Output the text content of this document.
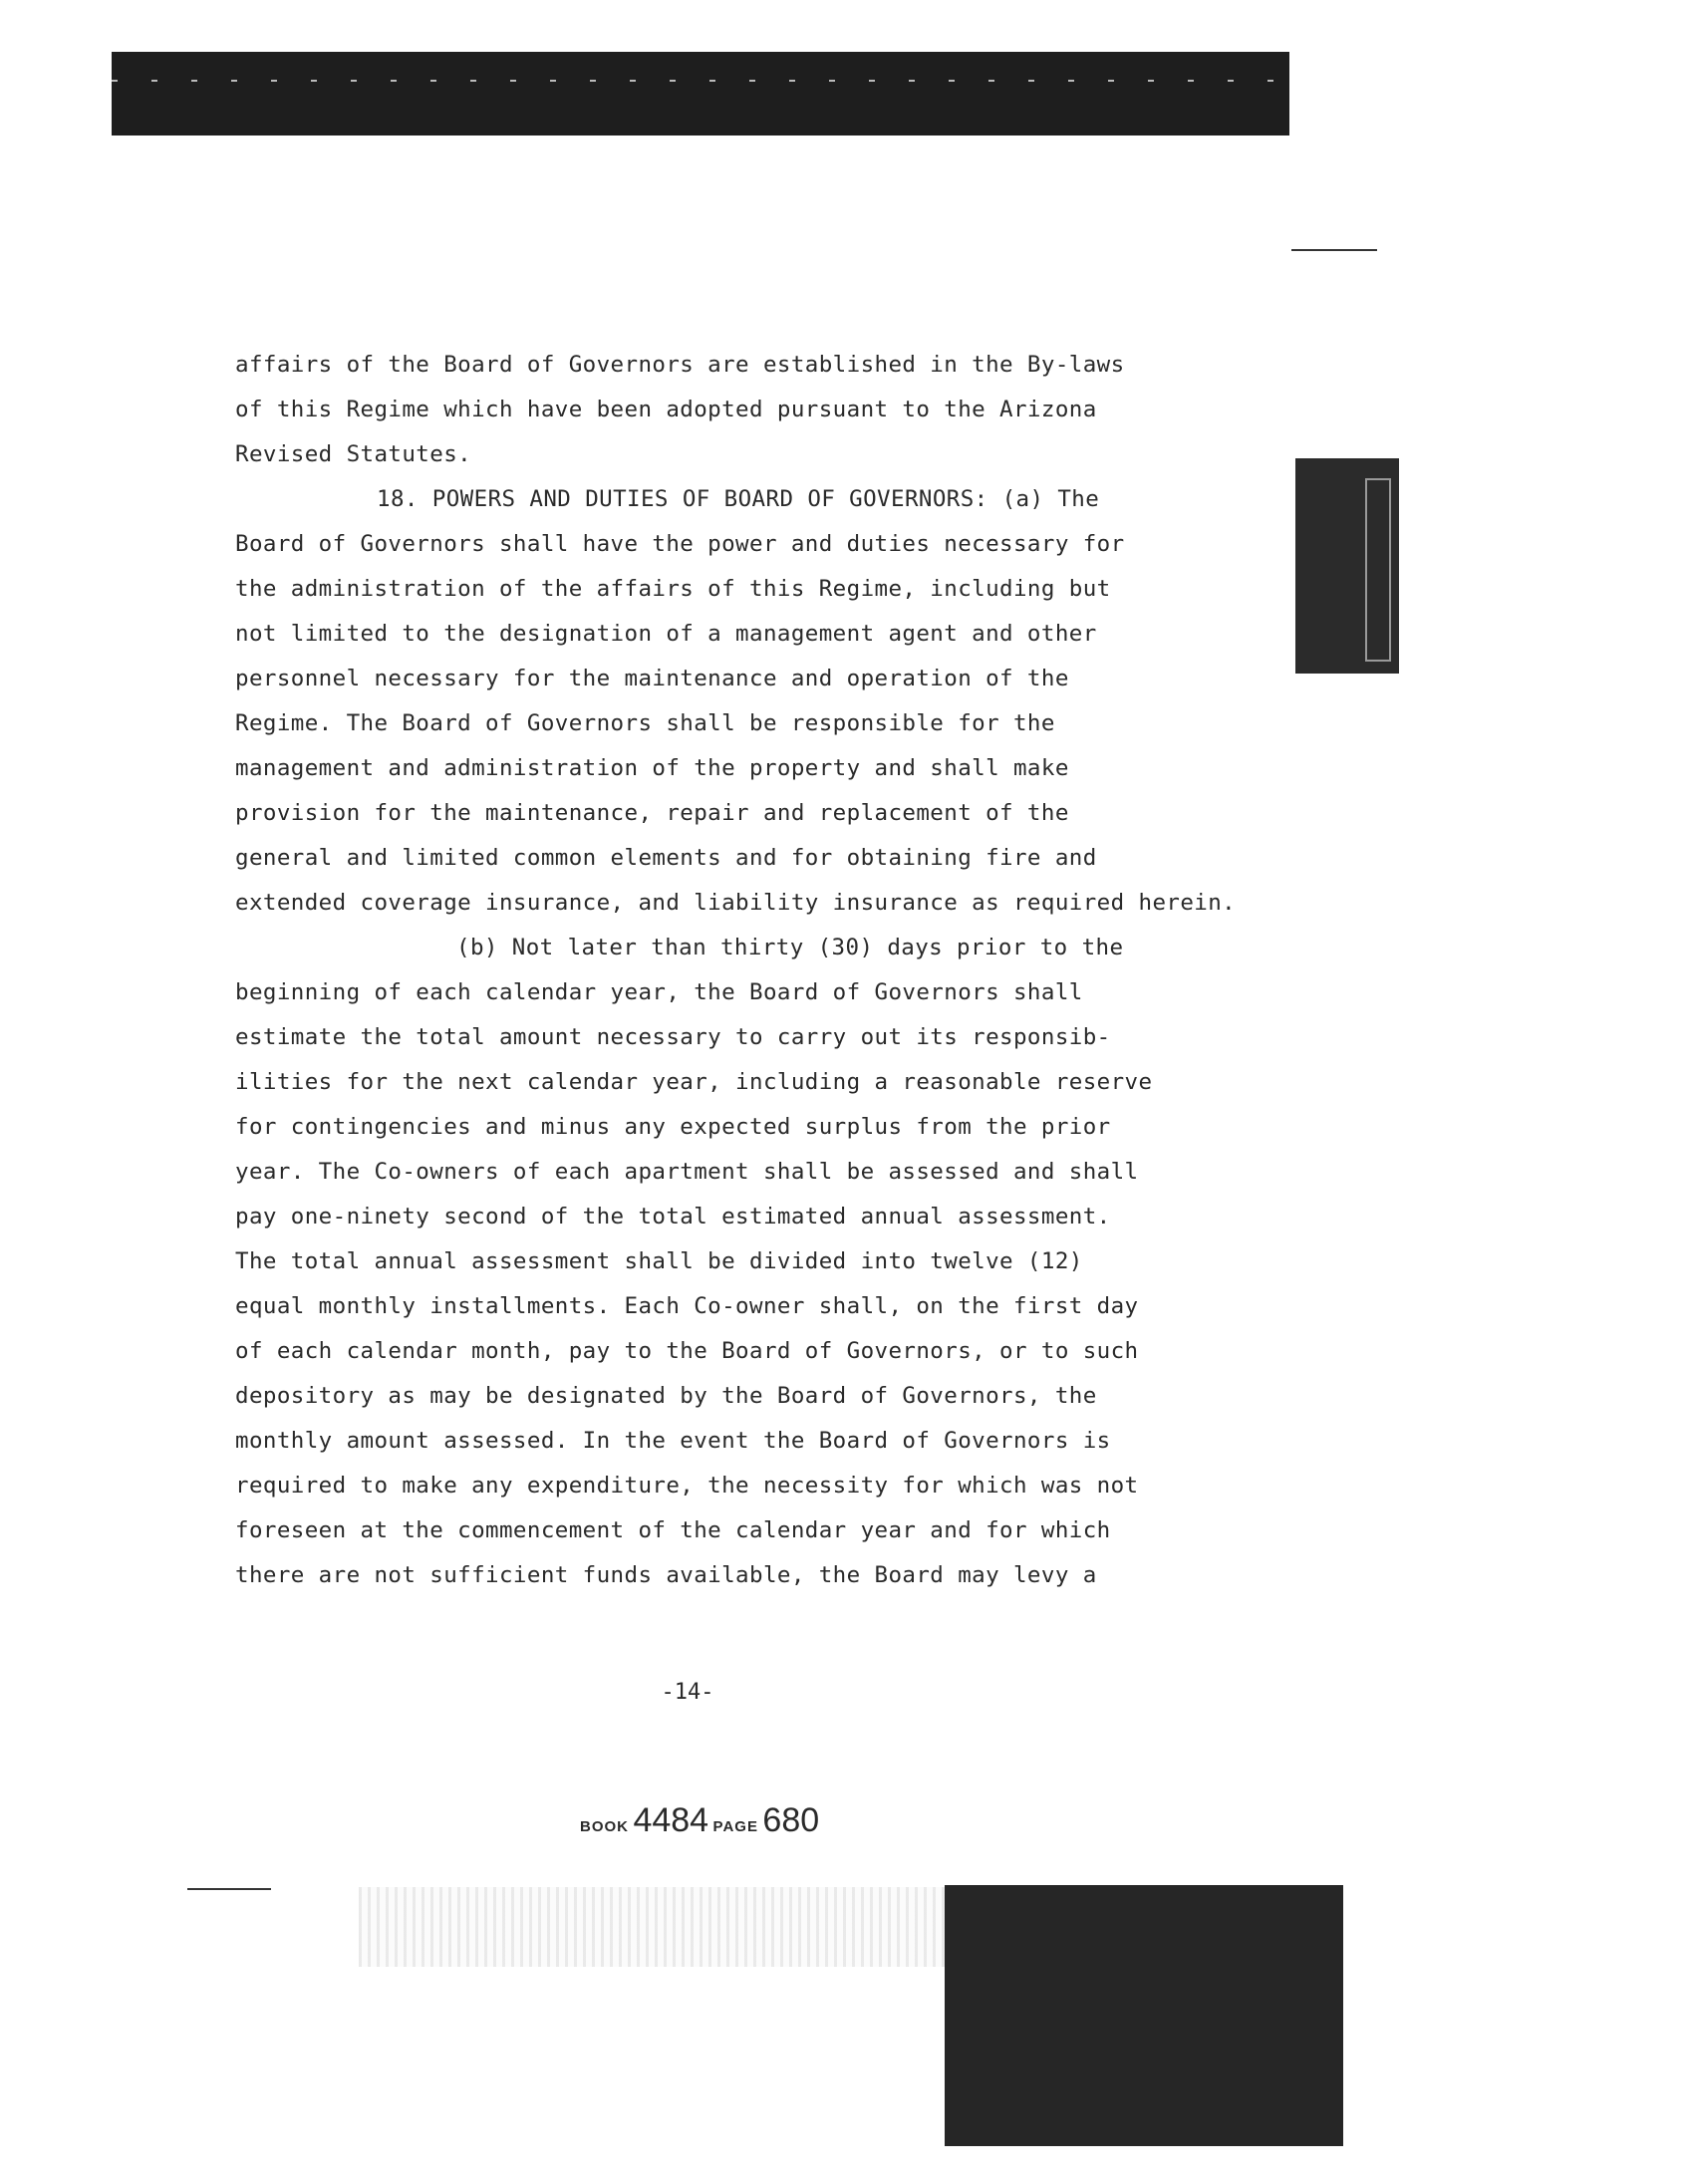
affairs of the Board of Governors are established in the By-laws
of this Regime which have been adopted pursuant to the Arizona
Revised Statutes.
18. POWERS AND DUTIES OF BOARD OF GOVERNORS: (a) The
Board of Governors shall have the power and duties necessary for
the administration of the affairs of this Regime, including but
not limited to the designation of a management agent and other
personnel necessary for the maintenance and operation of the
Regime. The Board of Governors shall be responsible for the
management and administration of the property and shall make
provision for the maintenance, repair and replacement of the
general and limited common elements and for obtaining fire and
extended coverage insurance, and liability insurance as required herein.
(b) Not later than thirty (30) days prior to the
beginning of each calendar year, the Board of Governors shall
estimate the total amount necessary to carry out its responsib-
ilities for the next calendar year, including a reasonable reserve
for contingencies and minus any expected surplus from the prior
year. The Co-owners of each apartment shall be assessed and shall
pay one-ninety second of the total estimated annual assessment.
The total annual assessment shall be divided into twelve (12)
equal monthly installments. Each Co-owner shall, on the first day
of each calendar month, pay to the Board of Governors, or to such
depository as may be designated by the Board of Governors, the
monthly amount assessed. In the event the Board of Governors is
required to make any expenditure, the necessity for which was not
foreseen at the commencement of the calendar year and for which
there are not sufficient funds available, the Board may levy a
-14-
BOOK 4484 PAGE 680
